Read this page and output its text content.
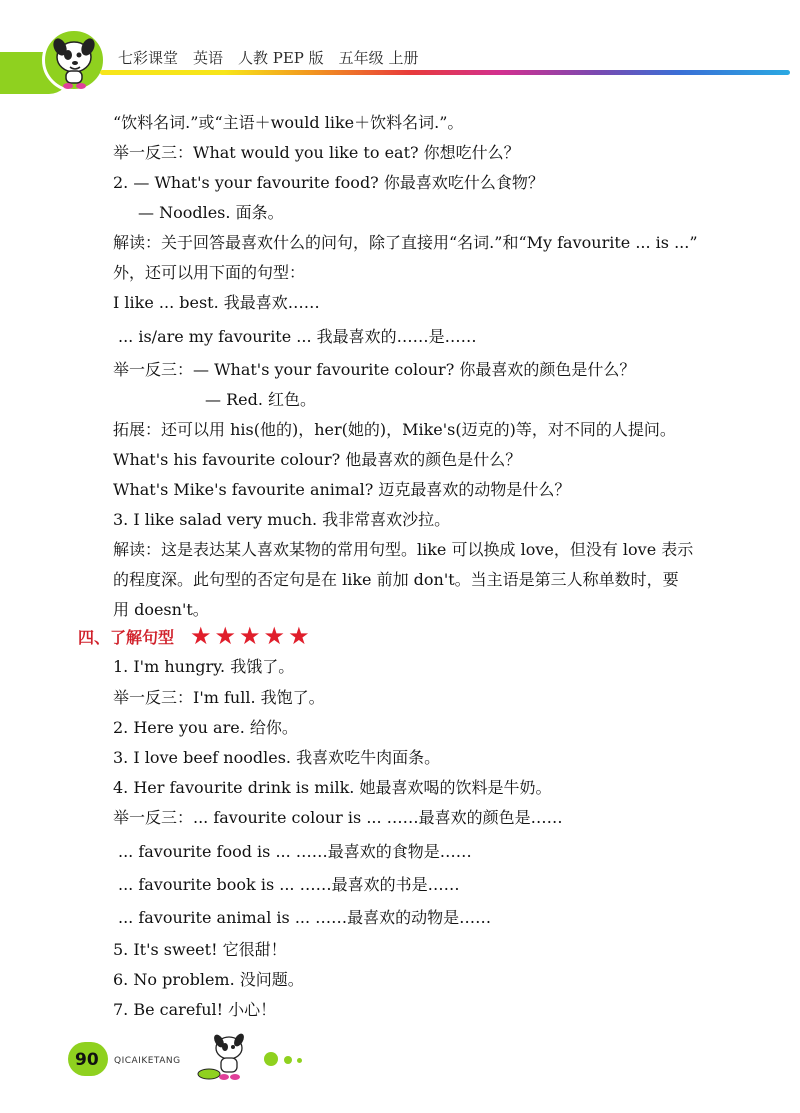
七彩课堂　英语　人教 PEP 版　五年级 上册
“饮料名词.”或“主语＋would like＋饮料名词.”。
举一反三：What would you like to eat? 你想吃什么？
2. — What's your favourite food? 你最喜欢吃什么食物？
— Noodles. 面条。
解读：关于回答最喜欢什么的问句，除了直接用“名词.”和“My favourite ... is ...”
外，还可以用下面的句型：
I like ... best. 我最喜欢……
... is/are my favourite ... 我最喜欢的……是……
举一反三：— What's your favourite colour? 你最喜欢的颜色是什么？
— Red. 红色。
拓展：还可以用 his(他的)，her(她的)，Mike's(迈克的)等，对不同的人提问。
What's his favourite colour? 他最喜欢的颜色是什么？
What's Mike's favourite animal? 迈克最喜欢的动物是什么？
3. I like salad very much. 我非常喜欢沙拉。
解读：这是表达某人喜欢某物的常用句型。like 可以换成 love，但没有 love 表示
的程度深。此句型的否定句是在 like 前加 don't。当主语是第三人称单数时，要
用 doesn't。
四、了解句型 ★ ★ ★ ★ ★
1. I'm hungry. 我饿了。
举一反三：I'm full. 我饱了。
2. Here you are. 给你。
3. I love beef noodles. 我喜欢吃牛肉面条。
4. Her favourite drink is milk. 她最喜欢喝的饮料是牛奶。
举一反三：... favourite colour is ... ……最喜欢的颜色是……
... favourite food is ... ……最喜欢的食物是……
... favourite book is ... ……最喜欢的书是……
... favourite animal is ... ……最喜欢的动物是……
5. It's sweet! 它很甜！
6. No problem. 没问题。
7. Be careful! 小心！
90 QICAIKETANG
